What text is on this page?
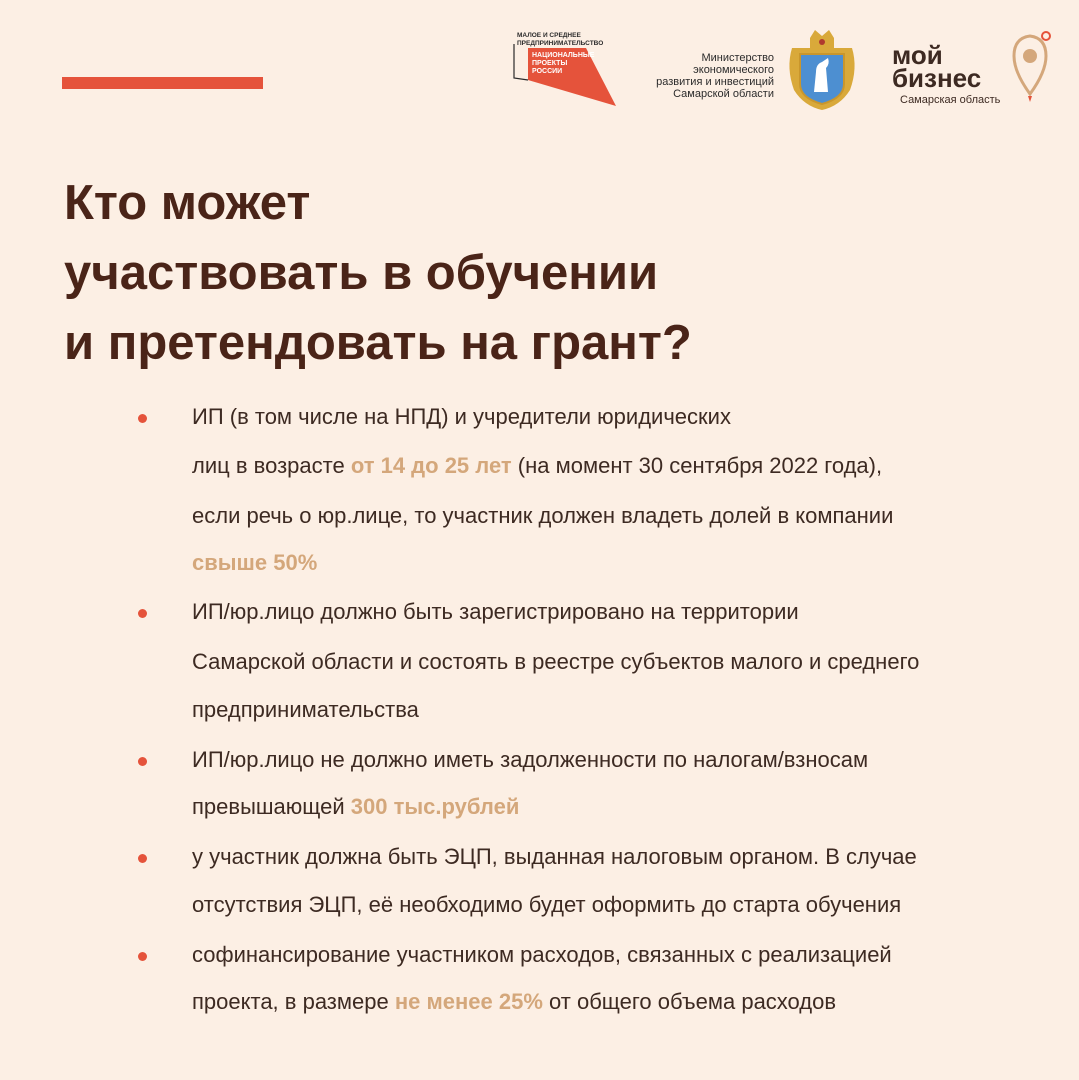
МАЛОЕ И СРЕДНЕЕ ПРЕДПРИНИМАТЕЛЬСТВО
НАЦИОНАЛЬНЫЕ ПРОЕКТЫ РОССИИ
Министерство
экономического
развития и инвестиций
Самарской области
мой
бизнес
Самарская область
Кто может
участвовать в обучении
и претендовать на грант?
ИП (в том числе на НПД) и учредители юридических
лиц в возрасте от 14 до 25 лет (на момент 30 сентября 2022 года),
если речь о юр.лице, то участник должен владеть долей в компании
свыше 50%
ИП/юр.лицо должно быть зарегистрировано на территории
Самарской области и состоять в реестре субъектов малого и среднего
предпринимательства
ИП/юр.лицо не должно иметь задолженности по налогам/взносам
превышающей 300 тыс.рублей
у участник должна быть ЭЦП, выданная налоговым органом. В случае
отсутствия ЭЦП, её необходимо будет оформить до старта обучения
софинансирование участником расходов, связанных с реализацией
проекта, в размере не менее 25% от общего объема расходов
